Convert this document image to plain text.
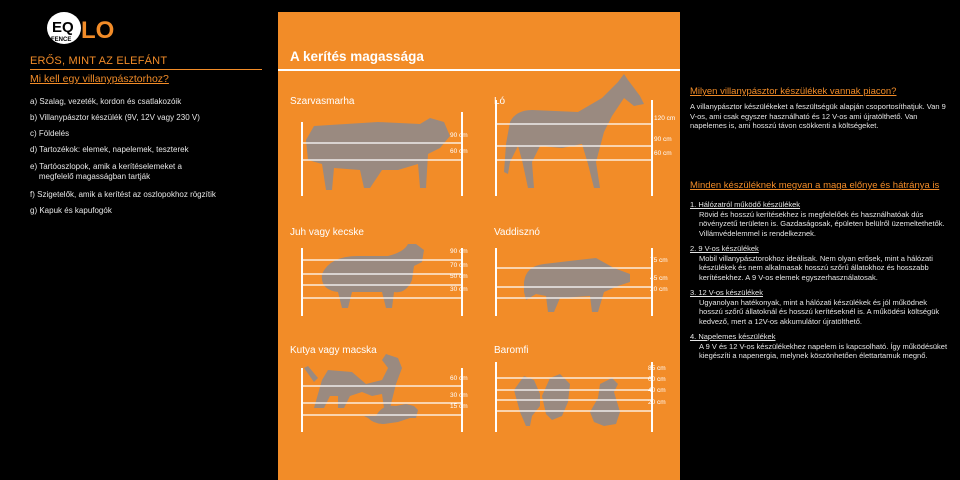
EQ
FENCE LO
ERŐS, MINT AZ ELEFÁNT
Mi kell egy villanypásztorhoz?
a) Szalag, vezeték, kordon és csatlakozóik
b) Villanypásztor készülék (9V, 12V vagy 230 V)
c) Földelés
d) Tartozékok: elemek, napelemek, teszterek
e) Tartóoszlopok, amik a kerítéselemeket a
megfelelő magasságban tartják
f) Szigetelők, amik a kerítést az oszlopokhoz rögzítik
g) Kapuk és kapufogók
A kerítés magassága
Szarvasmarha	Ló
Juh vagy kecske	Vaddisznó
Kutya vagy macska	Baromfi
90 cm
60 cm
120 cm
90 cm
60 cm
90 cm
70 cm
50 cm
30 cm
75 cm
45 cm
20 cm
60 cm
30 cm
15 cm
85 cm
60 cm
40 cm
20 cm
Milyen villanypásztor készülékek vannak piacon?
A villanypásztor készülékeket a feszültségük alapján csoportosíthatjuk. Van 9 V-os, ami csak egyszer használható és 12 V-os ami újratölthető. Van napelemes is, ami hosszú távon csökkenti a költségeket.
Minden készüléknek megvan a maga előnye és hátránya is
1. Hálózatról működő készülékek
Rövid és hosszú kerítésekhez is megfelelőek és használhatóak dús növényzetű területen is. Gazdaságosak, épületen belülről üzemeltethetők. Villámvédelemmel is rendelkeznek.
2. 9 V-os készülékek
Mobil villanypásztorokhoz ideálisak. Nem olyan erősek, mint a hálózati készülékek és nem alkalmasak hosszú szőrű állatokhoz és hosszabb kerítésekhez. A 9 V-os elemek egyszerhasználatosak.
3. 12 V-os készülékek
Ugyanolyan hatékonyak, mint a hálózati készülékek és jól működnek hosszú szőrű állatoknál és hosszú kerítéseknél is. A működési költségük kedvező, mert a 12V-os akkumulátor újratölthető.
4. Napelemes készülékek
A 9 V és 12 V-os készülékekhez napelem is kapcsolható. Így működésüket kiegészíti a napenergia, melynek köszönhetően élettartamuk megnő.
